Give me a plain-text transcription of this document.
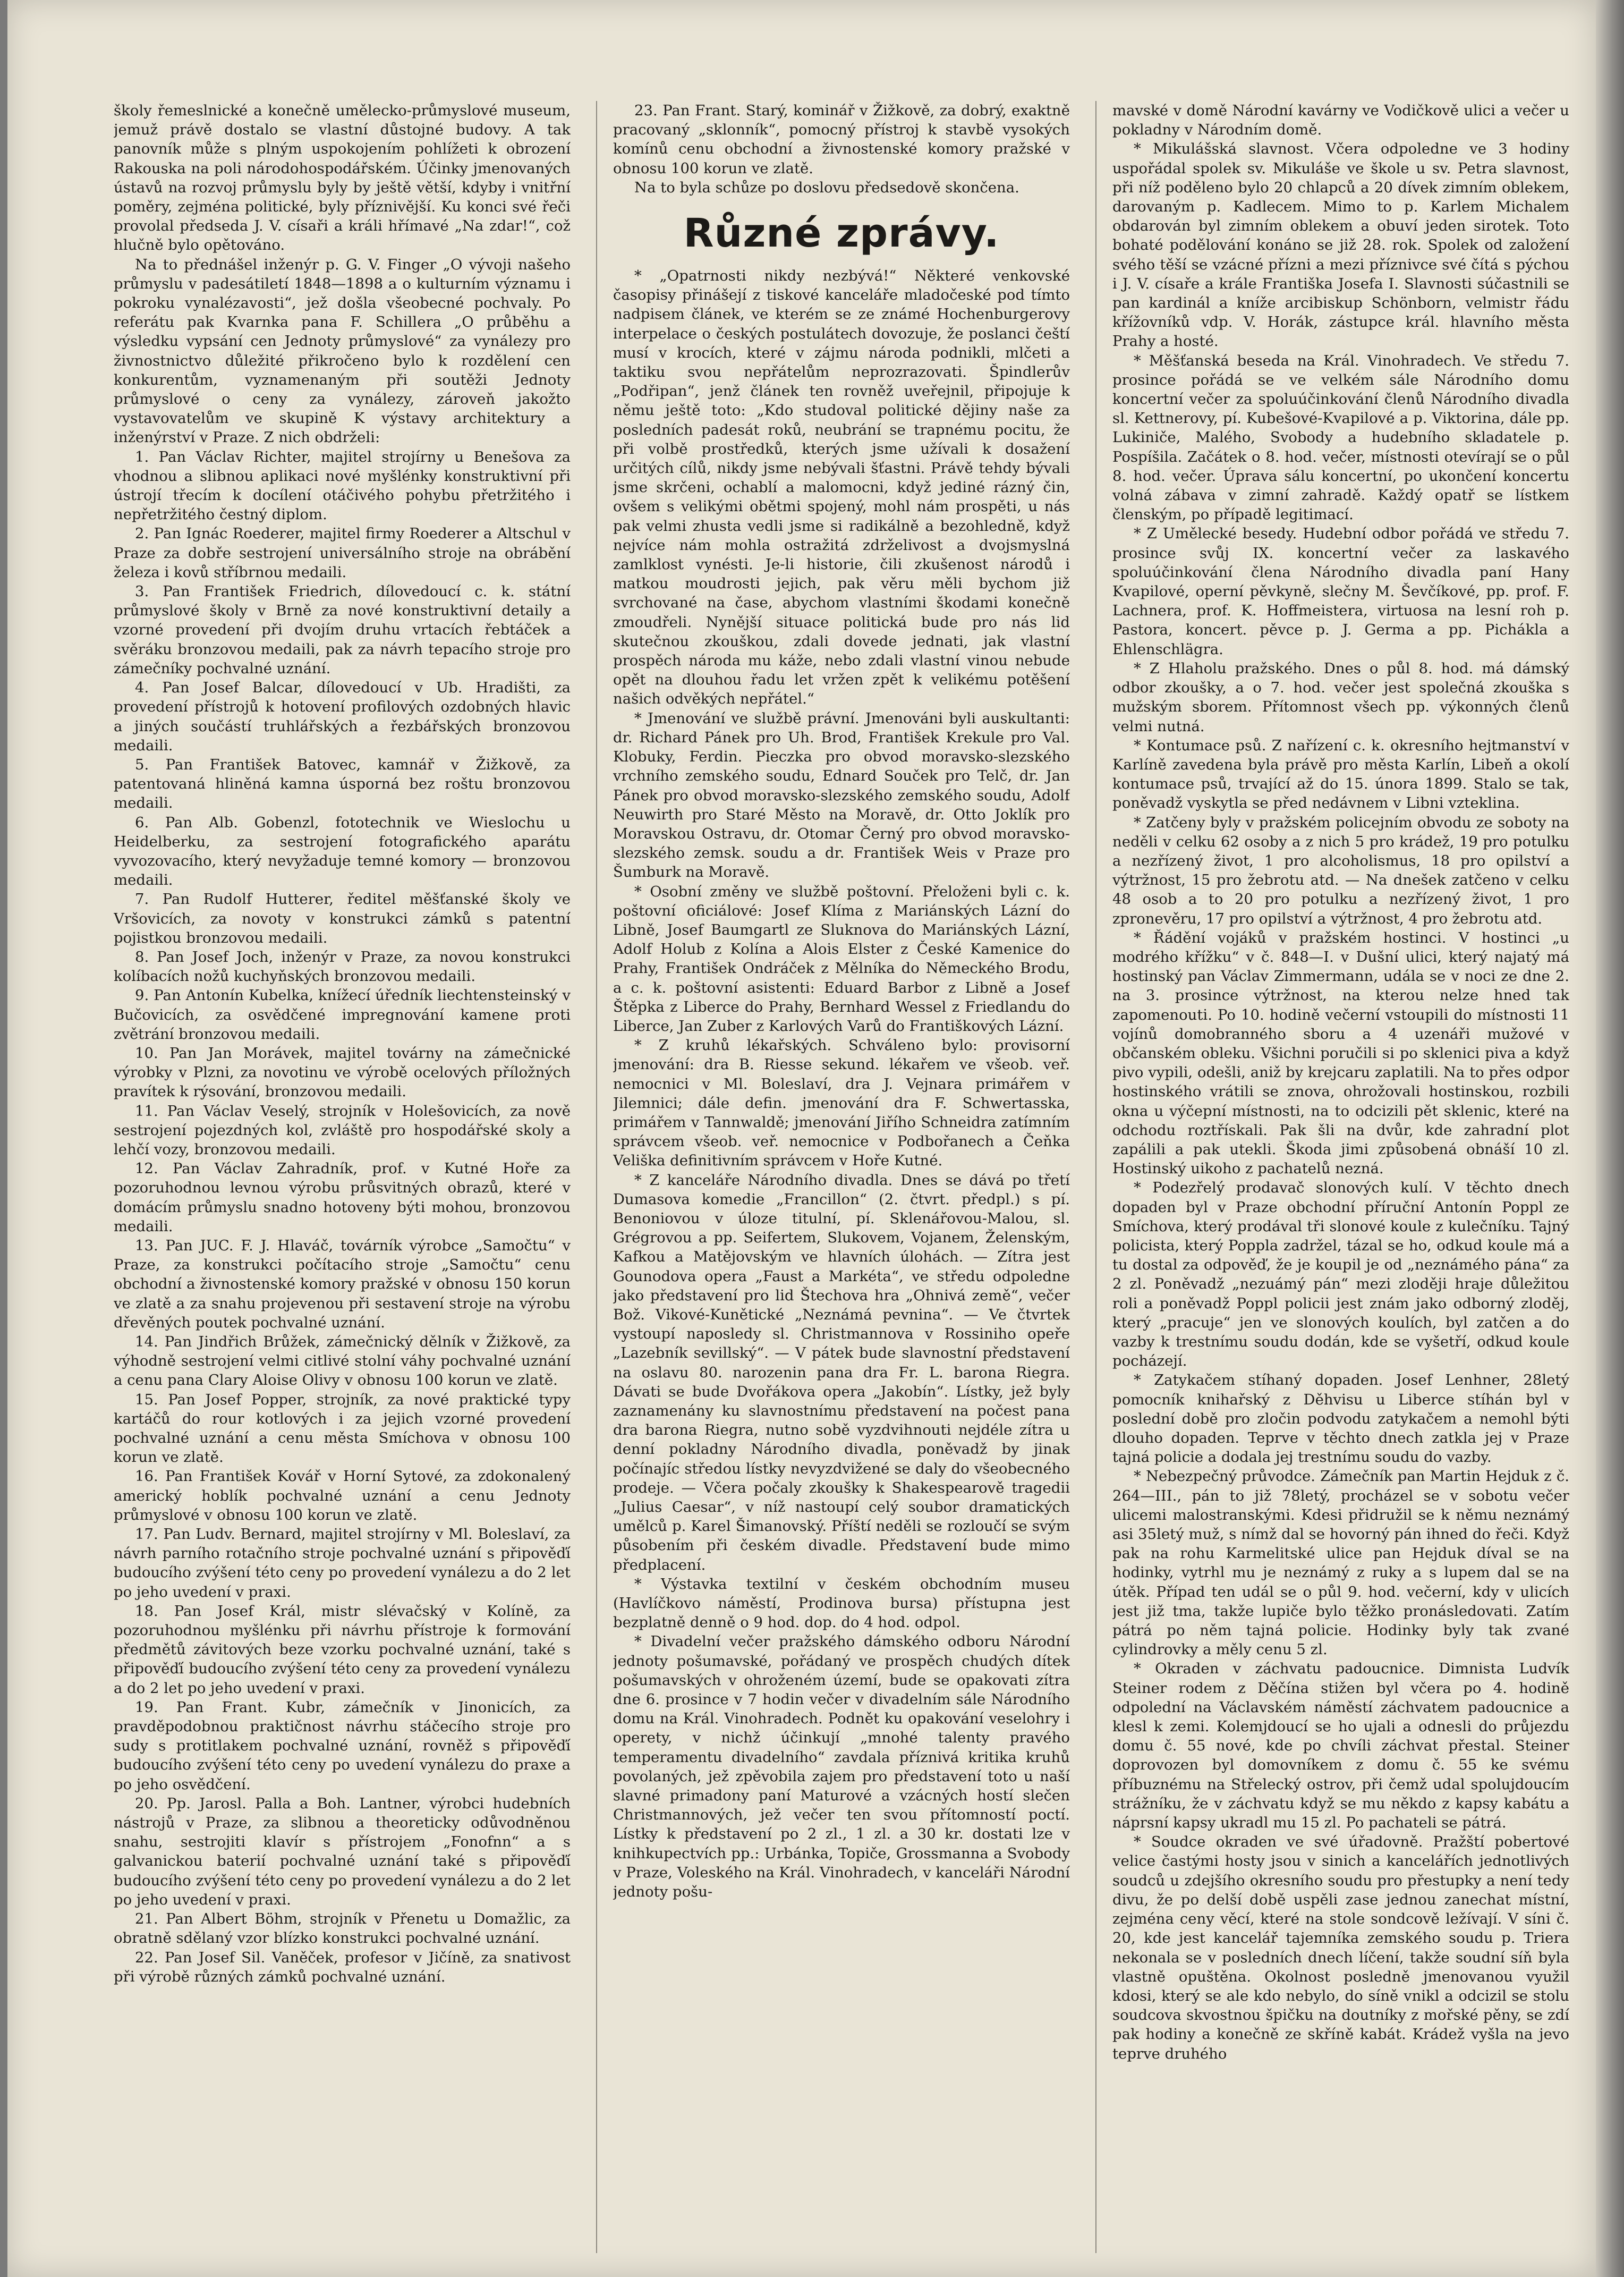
školy řemeslnické a konečně umělecko-průmyslové museum, jemuž právě dostalo se vlastní důstojné budovy. A tak panovník může s plným uspokojením pohlížeti k obrození Rakouska na poli národohospodářském. Účinky jmenovaných ústavů na rozvoj průmyslu byly by ještě větší, kdyby i vnitřní poměry, zejména politické, byly příznivější. Ku konci své řeči provolal předseda J. V. císaři a králi hřímavé „Na zdar!“, což hlučně bylo opětováno.

Na to přednášel inženýr p. G. V. Finger „O vývoji našeho průmyslu v padesátiletí 1848—1898 a o kulturním významu i pokroku vynalézavosti“, jež došla všeobecné pochvaly. Po referátu pak Kvarnka pana F. Schillera „O průběhu a výsledku vypsání cen Jednoty průmyslové“ za vynálezy pro živnostnictvo důležité přikročeno bylo k rozdělení cen konkurentům, vyznamenaným při soutěži Jednoty průmyslové o ceny za vynálezy, zároveň jakožto vystavovatelům ve skupině K výstavy architektury a inženýrství v Praze. Z nich obdrželi:

1. Pan Václav Richter, majitel strojírny u Benešova za vhodnou a slibnou aplikaci nové myšlénky konstruktivní při ústrojí třecím k docílení otáčivého pohybu přetržitého i nepřetržitého čestný diplom.

2. Pan Ignác Roederer, majitel firmy Roederer a Altschul v Praze za dobře sestrojení universálního stroje na obrábění železa i kovů stříbrnou medaili.

3. Pan František Friedrich, dílovedoucí c. k. státní průmyslové školy v Brně za nové konstruktivní detaily a vzorné provedení při dvojím druhu vrtacích řebtáček a svěráku bronzovou medaili, pak za návrh tepacího stroje pro zámečníky pochvalné uznání.

4. Pan Josef Balcar, dílovedoucí v Ub. Hradišti, za provedení přístrojů k hotovení profilových ozdobných hlavic a jiných součástí truhlářských a řezbářských bronzovou medaili.

5. Pan František Batovec, kamnář v Žižkově, za patentovaná hliněná kamna úsporná bez roštu bronzovou medaili.

6. Pan Alb. Gobenzl, fototechnik ve Wieslochu u Heidelberku, za sestrojení fotografického aparátu vyvozovacího, který nevyžaduje temné komory — bronzovou medaili.

7. Pan Rudolf Hutterer, ředitel měšťanské školy ve Vršovicích, za novoty v konstrukci zámků s patentní pojistkou bronzovou medaili.

8. Pan Josef Joch, inženýr v Praze, za novou konstrukci kolíbacích nožů kuchyňských bronzovou medaili.

9. Pan Antonín Kubelka, knížecí úředník liechtensteinský v Bučovicích, za osvědčené impregnování kamene proti zvětrání bronzovou medaili.

10. Pan Jan Morávek, majitel továrny na zámečnické výrobky v Plzni, za novotinu ve výrobě ocelových příložných pravítek k rýsování, bronzovou medaili.

11. Pan Václav Veselý, strojník v Holešovicích, za nově sestrojení pojezdných kol, zvláště pro hospodářské skoly a lehčí vozy, bronzovou medaili.

12. Pan Václav Zahradník, prof. v Kutné Hoře za pozoruhodnou levnou výrobu průsvitných obrazů, které v domácím průmyslu snadno hotoveny býti mohou, bronzovou medaili.

13. Pan JUC. F. J. Hlaváč, továrník výrobce „Samočtu“ v Praze, za konstrukci počítacího stroje „Samočtu“ cenu obchodní a živnostenské komory pražské v obnosu 150 korun ve zlatě a za snahu projevenou při sestavení stroje na výrobu dřevěných poutek pochvalné uznání.

14. Pan Jindřich Brůžek, zámečnický dělník v Žižkově, za výhodně sestrojení velmi citlivé stolní váhy pochvalné uznání a cenu pana Clary Aloise Olivy v obnosu 100 korun ve zlatě.

15. Pan Josef Popper, strojník, za nové praktické typy kartáčů do rour kotlových i za jejich vzorné provedení pochvalné uznání a cenu města Smíchova v obnosu 100 korun ve zlatě.

16. Pan František Kovář v Horní Sytové, za zdokonalený americký hoblík pochvalné uznání a cenu Jednoty průmyslové v obnosu 100 korun ve zlatě.

17. Pan Ludv. Bernard, majitel strojírny v Ml. Boleslaví, za návrh parního rotačního stroje pochvalné uznání s připověďí budoucího zvýšení této ceny po provedení vynálezu a do 2 let po jeho uvedení v praxi.

18. Pan Josef Král, mistr slévačský v Kolíně, za pozoruhodnou myšlénku při návrhu přístroje k formování předmětů závitových beze vzorku pochvalné uznání, také s připověďí budoucího zvýšení této ceny za provedení vynálezu a do 2 let po jeho uvedení v praxi.

19. Pan Frant. Kubr, zámečník v Jinonicích, za pravděpodobnou praktičnost návrhu stáčecího stroje pro sudy s protitlakem pochvalné uznání, rovněž s připověďí budoucího zvýšení této ceny po uvedení vynálezu do praxe a po jeho osvědčení.

20. Pp. Jarosl. Palla a Boh. Lantner, výrobci hudebních nástrojů v Praze, za slibnou a theoreticky odůvodněnou snahu, sestrojiti klavír s přístrojem „Fonofnn“ a s galvanickou baterií pochvalné uznání také s připověďí budoucího zvýšení této ceny po provedení vynálezu a do 2 let po jeho uvedení v praxi.

21. Pan Albert Böhm, strojník v Přenetu u Domažlic, za obratně sdělaný vzor blízko konstrukci pochvalné uznání.

22. Pan Josef Sil. Vaněček, profesor v Jičíně, za snativost při výrobě různých zámků pochvalné uznání.

23. Pan Frant. Starý, kominář v Žižkově, za dobrý, exaktně pracovaný „sklonník“, pomocný přístroj k stavbě vysokých komínů cenu obchodní a živnostenské komory pražské v obnosu 100 korun ve zlatě.

Na to byla schůze po doslovu předsedově skončena.

Různé zprávy.

* „Opatrnosti nikdy nezbývá!“ Některé venkovské časopisy přinášejí z tiskové kanceláře mladočeské pod tímto nadpisem článek, ve kterém se ze známé Hochenburgerovy interpelace o českých postulátech dovozuje, že poslanci čeští musí v krocích, které v zájmu národa podnikli, mlčeti a taktiku svou nepřátelům neprozrazovati. Špindlerův „Podřipan“, jenž článek ten rovněž uveřejnil, připojuje k němu ještě toto: „Kdo studoval politické dějiny naše za posledních padesát roků, neubrání se trapnému pocitu, že při volbě prostředků, kterých jsme užívali k dosažení určitých cílů, nikdy jsme nebývali šťastni. Právě tehdy bývali jsme skrčeni, ochablí a malomocni, když jediné rázný čin, ovšem s velikými obětmi spojený, mohl nám prospěti, u nás pak velmi zhusta vedli jsme si radikálně a bezohledně, když nejvíce nám mohla ostražitá zdrželivost a dvojsmyslná zamlklost vynésti. Je-li historie, čili zkušenost národů i matkou moudrosti jejich, pak věru měli bychom již svrchované na čase, abychom vlastními škodami konečně zmoudřeli. Nynější situace politická bude pro nás lid skutečnou zkouškou, zdali dovede jednati, jak vlastní prospěch národa mu káže, nebo zdali vlastní vinou nebude opět na dlouhou řadu let vržen zpět k velikému potěšení našich odvěkých nepřátel.“

* Jmenování ve službě právní. Jmenováni byli auskultanti: dr. Richard Pánek pro Uh. Brod, František Krekule pro Val. Klobuky, Ferdin. Pieczka pro obvod moravsko-slezského vrchního zemského soudu, Ednard Souček pro Telč, dr. Jan Pánek pro obvod moravsko-slezského zemského soudu, Adolf Neuwirth pro Staré Město na Moravě, dr. Otto Joklík pro Moravskou Ostravu, dr. Otomar Černý pro obvod moravsko-slezského zemsk. soudu a dr. František Weis v Praze pro Šumburk na Moravě.

* Osobní změny ve službě poštovní. Přeloženi byli c. k. poštovní oficiálové: Josef Klíma z Mariánských Lázní do Libně, Josef Baumgartl ze Sluknova do Mariánských Lázní, Adolf Holub z Kolína a Alois Elster z České Kamenice do Prahy, František Ondráček z Mělníka do Německého Brodu, a c. k. poštovní asistenti: Eduard Barbor z Libně a Josef Štěpka z Liberce do Prahy, Bernhard Wessel z Friedlandu do Liberce, Jan Zuber z Karlových Varů do Františkových Lázní.

* Z kruhů lékařských. Schváleno bylo: provisorní jmenování: dra B. Riesse sekund. lékařem ve všeob. veř. nemocnici v Ml. Boleslaví, dra J. Vejnara primářem v Jilemnici; dále defin. jmenování dra F. Schwertasska, primářem v Tannwaldě; jmenování Jiřího Schneidra zatímním správcem všeob. veř. nemocnice v Podbořanech a Čeňka Veliška definitivním správcem v Hoře Kutné.

* Z kanceláře Národního divadla. Dnes se dává po třetí Dumasova komedie „Francillon“ (2. čtvrt. předpl.) s pí. Benoniovou v úloze titulní, pí. Sklenářovou-Malou, sl. Grégrovou a pp. Seifertem, Slukovem, Vojanem, Želenským, Kafkou a Matějovským ve hlavních úlohách. — Zítra jest Gounodova opera „Faust a Markéta“, ve středu odpoledne jako představení pro lid Štechova hra „Ohnivá země“, večer Bož. Vikové-Kunětické „Neznámá pevnina“. — Ve čtvrtek vystoupí naposledy sl. Christmannova v Rossiniho opeře „Lazebník sevillský“. — V pátek bude slavnostní představení na oslavu 80. narozenin pana dra Fr. L. barona Riegra. Dávati se bude Dvořákova opera „Jakobín“. Lístky, jež byly zaznamenány ku slavnostnímu představení na počest pana dra barona Riegra, nutno sobě vyzdvihnouti nejdéle zítra u denní pokladny Národního divadla, poněvadž by jinak počínajíc středou lístky nevyzdvižené se daly do všeobecného prodeje. — Včera počaly zkoušky k Shakespearově tragedii „Julius Caesar“, v níž nastoupí celý soubor dramatických umělců p. Karel Šimanovský. Příští neděli se rozloučí se svým působením při českém divadle. Představení bude mimo předplacení.

* Výstavka textilní v českém obchodním museu (Havlíčkovo náměstí, Prodinova bursa) přístupna jest bezplatně denně o 9 hod. dop. do 4 hod. odpol.

* Divadelní večer pražského dámského odboru Národní jednoty pošumavské, pořádaný ve prospěch chudých dítek pošumavských v ohroženém území, bude se opakovati zítra dne 6. prosince v 7 hodin večer v divadelním sále Národního domu na Král. Vinohradech. Podnět ku opakování veselohry i operety, v nichž účinkují „mnohé talenty pravého temperamentu divadelního“ zavdala příznivá kritika kruhů povolaných, jež zpěvobila zajem pro představení toto u naší slavné primadony paní Maturové a vzácných hostí slečen Christmannových, jež večer ten svou přítomností poctí. Lístky k představení po 2 zl., 1 zl. a 30 kr. dostati lze v knihkupectvích pp.: Urbánka, Topiče, Grossmanna a Svobody v Praze, Voleského na Král. Vinohradech, v kanceláři Národní jednoty pošu-

mavské v domě Národní kavárny ve Vodičkově ulici a večer u pokladny v Národním domě.

* Mikulášská slavnost. Včera odpoledne ve 3 hodiny uspořádal spolek sv. Mikuláše ve škole u sv. Petra slavnost, při níž poděleno bylo 20 chlapců a 20 dívek zimním oblekem, darovaným p. Kadlecem. Mimo to p. Karlem Michalem obdarován byl zimním oblekem a obuví jeden sirotek. Toto bohaté podělování konáno se již 28. rok. Spolek od založení svého těší se vzácné přízni a mezi příznivce své čítá s pýchou i J. V. císaře a krále Františka Josefa I. Slavnosti súčastnili se pan kardinál a kníže arcibiskup Schönborn, velmistr řádu křížovníků vdp. V. Horák, zástupce král. hlavního města Prahy a hosté.

* Měšťanská beseda na Král. Vinohradech. Ve středu 7. prosince pořádá se ve velkém sále Národního domu koncertní večer za spoluúčinkování členů Národního divadla sl. Kettnerovy, pí. Kubešové-Kvapilové a p. Viktorina, dále pp. Lukiniče, Malého, Svobody a hudebního skladatele p. Pospíšila. Začátek o 8. hod. večer, místnosti otevírají se o půl 8. hod. večer. Úprava sálu koncertní, po ukončení koncertu volná zábava v zimní zahradě. Každý opatř se lístkem členským, po případě legitimací.

* Z Umělecké besedy. Hudební odbor pořádá ve středu 7. prosince svůj IX. koncertní večer za laskavého spoluúčinkování člena Národního divadla paní Hany Kvapilové, operní pěvkyně, slečny M. Ševčíkové, pp. prof. F. Lachnera, prof. K. Hoffmeistera, virtuosa na lesní roh p. Pastora, koncert. pěvce p. J. Germa a pp. Pichákla a Ehlenschlägra.

* Z Hlaholu pražského. Dnes o půl 8. hod. má dámský odbor zkoušky, a o 7. hod. večer jest společná zkouška s mužským sborem. Přítomnost všech pp. výkonných členů velmi nutná.

* Kontumace psů. Z nařízení c. k. okresního hejtmanství v Karlíně zavedena byla právě pro města Karlín, Libeň a okolí kontumace psů, trvající až do 15. února 1899. Stalo se tak, poněvadž vyskytla se před nedávnem v Libni vzteklina.

* Zatčeny byly v pražském policejním obvodu ze soboty na neděli v celku 62 osoby a z nich 5 pro krádež, 19 pro potulku a nezřízený život, 1 pro alcoholismus, 18 pro opilství a výtržnost, 15 pro žebrotu atd. — Na dnešek zatčeno v celku 48 osob a to 20 pro potulku a nezřízený život, 1 pro zpronevěru, 17 pro opilství a výtržnost, 4 pro žebrotu atd.

* Řádění vojáků v pražském hostinci. V hostinci „u modrého křížku“ v č. 848—I. v Dušní ulici, který najatý má hostinský pan Václav Zimmermann, udála se v noci ze dne 2. na 3. prosince výtržnost, na kterou nelze hned tak zapomenouti. Po 10. hodině večerní vstoupili do místnosti 11 vojínů domobranného sboru a 4 uzenáři mužové v občanském obleku. Všichni poručili si po sklenici piva a když pivo vypili, odešli, aniž by krejcaru zaplatili. Na to přes odpor hostinského vrátili se znova, ohrožovali hostinskou, rozbili okna u výčepní místnosti, na to odcizili pět sklenic, které na odchodu roztřískali. Pak šli na dvůr, kde zahradní plot zapálili a pak utekli. Škoda jimi způsobená obnáší 10 zl. Hostinský uikoho z pachatelů nezná.

* Podezřelý prodavač slonových kulí. V těchto dnech dopaden byl v Praze obchodní příruční Antonín Poppl ze Smíchova, který prodával tři slonové koule z kulečníku. Tajný policista, který Poppla zadržel, tázal se ho, odkud koule má a tu dostal za odpověď, že je koupil je od „neznámého pána“ za 2 zl. Poněvadž „nezuámý pán“ mezi zloději hraje důležitou roli a poněvadž Poppl policii jest znám jako odborný zloděj, který „pracuje“ jen ve slonových koulích, byl zatčen a do vazby k trestnímu soudu dodán, kde se vyšetří, odkud koule pocházejí.

* Zatykačem stíhaný dopaden. Josef Lenhner, 28letý pomocník knihařský z Děhvisu u Liberce stíhán byl v poslední době pro zločin podvodu zatykačem a nemohl býti dlouho dopaden. Teprve v těchto dnech zatkla jej v Praze tajná policie a dodala jej trestnímu soudu do vazby.

* Nebezpečný průvodce. Zámečník pan Martin Hejduk z č. 264—III., pán to již 78letý, procházel se v sobotu večer ulicemi malostranskými. Kdesi přidružil se k němu neznámý asi 35letý muž, s nímž dal se hovorný pán ihned do řeči. Když pak na rohu Karmelitské ulice pan Hejduk díval se na hodinky, vytrhl mu je neznámý z ruky a s lupem dal se na útěk. Případ ten udál se o půl 9. hod. večerní, kdy v ulicích jest již tma, takže lupiče bylo těžko pronásledovati. Zatím pátrá po něm tajná policie. Hodinky byly tak zvané cylindrovky a měly cenu 5 zl.

* Okraden v záchvatu padoucnice. Dimnista Ludvík Steiner rodem z Děčína stižen byl včera po 4. hodině odpolední na Václavském náměstí záchvatem padoucnice a klesl k zemi. Kolemjdoucí se ho ujali a odnesli do průjezdu domu č. 55 nové, kde po chvíli záchvat přestal. Steiner doprovozen byl domovníkem z domu č. 55 ke svému příbuznému na Střelecký ostrov, při čemž udal spolujdoucím strážníku, že v záchvatu když se mu někdo z kapsy kabátu a náprsní kapsy ukradl mu 15 zl. Po pachateli se pátrá.

* Soudce okraden ve své úřadovně. Pražští pobertové velice častými hosty jsou v sinich a kancelářích jednotlivých soudců u zdejšího okresního soudu pro přestupky a není tedy divu, že po delší době uspěli zase jednou zanechat místní, zejména ceny věcí, které na stole sondcově ležívají. V síni č. 20, kde jest kancelář tajemníka zemského soudu p. Triera nekonala se v posledních dnech líčení, takže soudní síň byla vlastně opuštěna. Okolnost posledně jmenovanou využil kdosi, který se ale kdo nebylo, do síně vnikl a odcizil se stolu soudcova skvostnou špičku na doutníky z mořské pěny, se zdí pak hodiny a konečně ze skříně kabát. Krádež vyšla na jevo teprve druhého
